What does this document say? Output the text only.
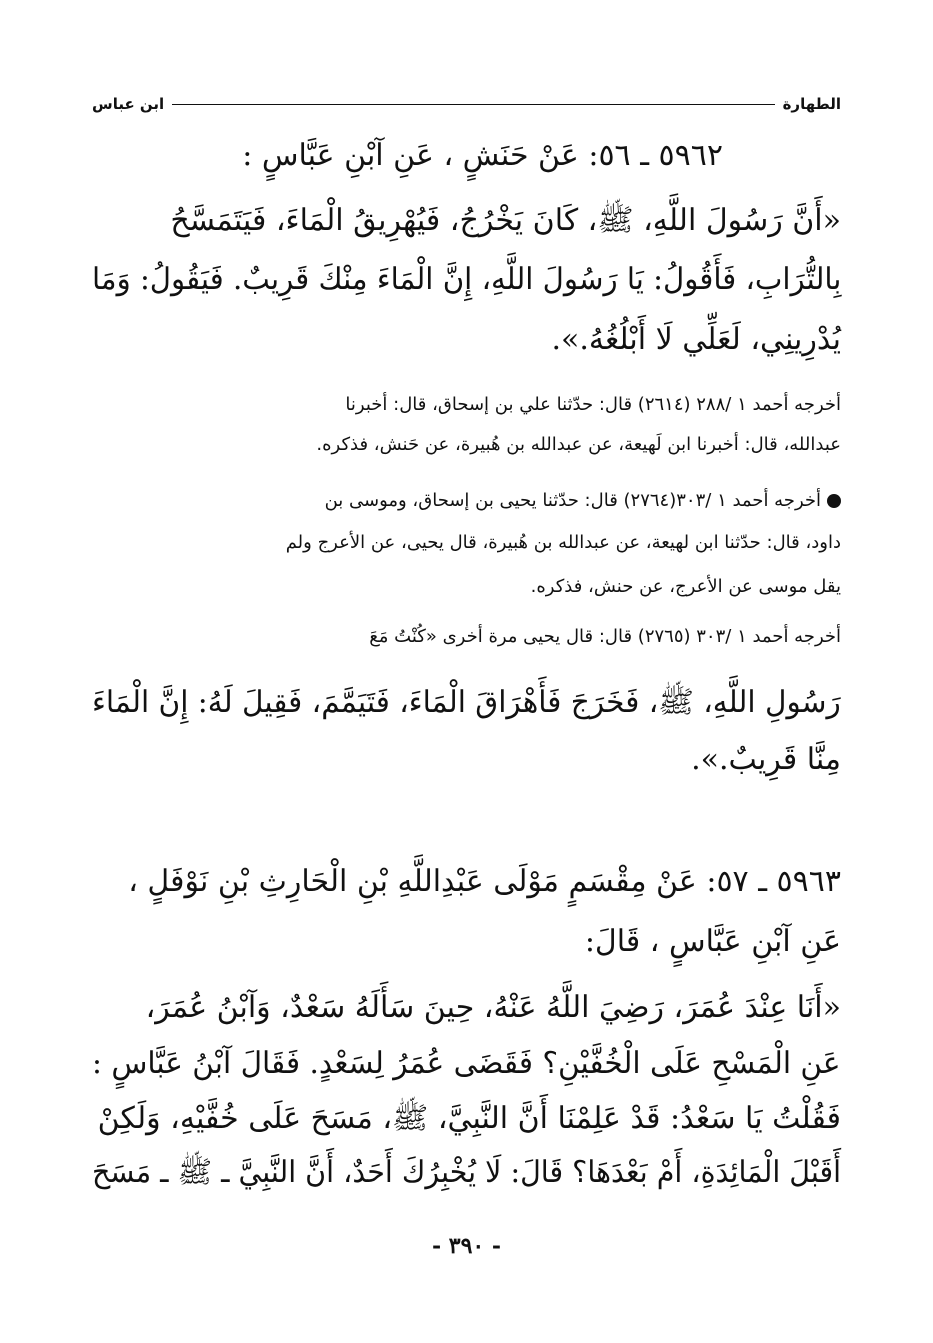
الطهارة
ابن عباس
٥٩٦٢ ـ ٥٦: عَنْ حَنَشٍ ، عَنِ آبْنِ عَبَّاسٍ :
«أَنَّ رَسُولَ اللَّهِ، ﷺ، كَانَ يَخْرُجُ، فَيُهْرِيقُ الْمَاءَ، فَيَتَمَسَّحُ
بِالتُّرَابِ، فَأَقُولُ: يَا رَسُولَ اللَّهِ، إِنَّ الْمَاءَ مِنْكَ قَرِيبٌ. فَيَقُولُ: وَمَا
يُدْرِينِي، لَعَلِّي لَا أَبْلُغُهُ.».
أخرجه أحمد ١ /٢٨٨ (٢٦١٤) قال: حدّثنا علي بن إسحاق، قال: أخبرنا
عبدالله، قال: أخبرنا ابن لَهيعة، عن عبدالله بن هُبيرة، عن حَنش، فذكره.
أخرجه أحمد ١ /٣٠٣(٢٧٦٤) قال: حدّثنا يحيى بن إسحاق، وموسى بن
داود، قال: حدّثنا ابن لهيعة، عن عبدالله بن هُبيرة، قال يحيى، عن الأعرج ولم
يقل موسى عن الأعرج، عن حنش، فذكره.
أخرجه أحمد ١ /٣٠٣ (٢٧٦٥) قال: قال يحيى مرة أخرى «كُنْتُ مَعَ
رَسُولِ اللَّهِ، ﷺ، فَخَرَجَ فَأَهْرَاقَ الْمَاءَ، فَتَيَمَّمَ، فَقِيلَ لَهُ: إِنَّ الْمَاءَ
مِنَّا قَرِيبٌ.».
٥٩٦٣ ـ ٥٧: عَنْ مِقْسَمٍ مَوْلَى عَبْدِاللَّهِ بْنِ الْحَارِثِ بْنِ نَوْفَلٍ ،
عَنِ آبْنِ عَبَّاسٍ ، قَالَ:
«أَنَا عِنْدَ عُمَرَ، رَضِيَ اللَّهُ عَنْهُ، حِينَ سَأَلَهُ سَعْدٌ، وَآبْنُ عُمَرَ،
عَنِ الْمَسْحِ عَلَى الْخُفَّيْنِ؟ فَقَضَى عُمَرُ لِسَعْدٍ. فَقَالَ آبْنُ عَبَّاسٍ :
فَقُلْتُ يَا سَعْدُ: قَدْ عَلِمْنَا أَنَّ النَّبِيَّ، ﷺ، مَسَحَ عَلَى خُفَّيْهِ، وَلَكِنْ
أَقَبْلَ الْمَائِدَةِ، أَمْ بَعْدَهَا؟ قَالَ: لَا يُخْبِرُكَ أَحَدٌ، أَنَّ النَّبِيَّ ـ ﷺ ـ مَسَحَ
- ٣٩٠ -
